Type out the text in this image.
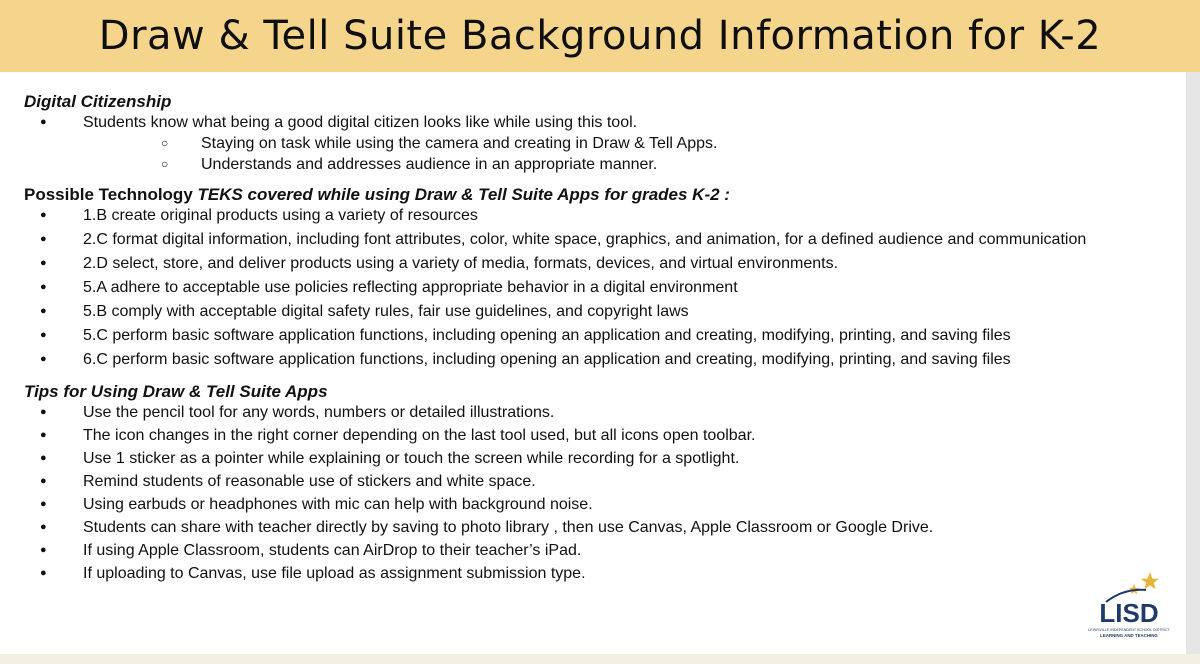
Draw & Tell Suite Background Information for K-2
Digital Citizenship
● Students know what being a good digital citizen looks like while using this tool.
○ Staying on task while using the camera and creating in Draw & Tell Apps.
○ Understands and addresses audience in an appropriate manner.
Possible Technology TEKS covered while using Draw & Tell Suite Apps for grades K-2 :
● 1.B create original products using a variety of resources
● 2.C format digital information, including font attributes, color, white space, graphics, and animation, for a defined audience and communication
● 2.D select, store, and deliver products using a variety of media, formats, devices, and virtual environments.
● 5.A adhere to acceptable use policies reflecting appropriate behavior in a digital environment
● 5.B comply with acceptable digital safety rules, fair use guidelines, and copyright laws
● 5.C perform basic software application functions, including opening an application and creating, modifying, printing, and saving files
● 6.C perform basic software application functions, including opening an application and creating, modifying, printing, and saving files
Tips for Using Draw & Tell Suite Apps
● Use the pencil tool for any words, numbers or detailed illustrations.
● The icon changes in the right corner depending on the last tool used, but all icons open toolbar.
● Use 1 sticker as a pointer while explaining or touch the screen while recording for a spotlight.
● Remind students of reasonable use of stickers and white space.
● Using earbuds or headphones with mic can help with background noise.
● Students can share with teacher directly by saving to photo library , then use Canvas, Apple Classroom or Google Drive.
● If using Apple Classroom, students can AirDrop to their teacher’s iPad.
● If uploading to Canvas, use file upload as assignment submission type.
LISD
LEWISVILLE INDEPENDENT SCHOOL DISTRICT
LEARNING AND TEACHING
